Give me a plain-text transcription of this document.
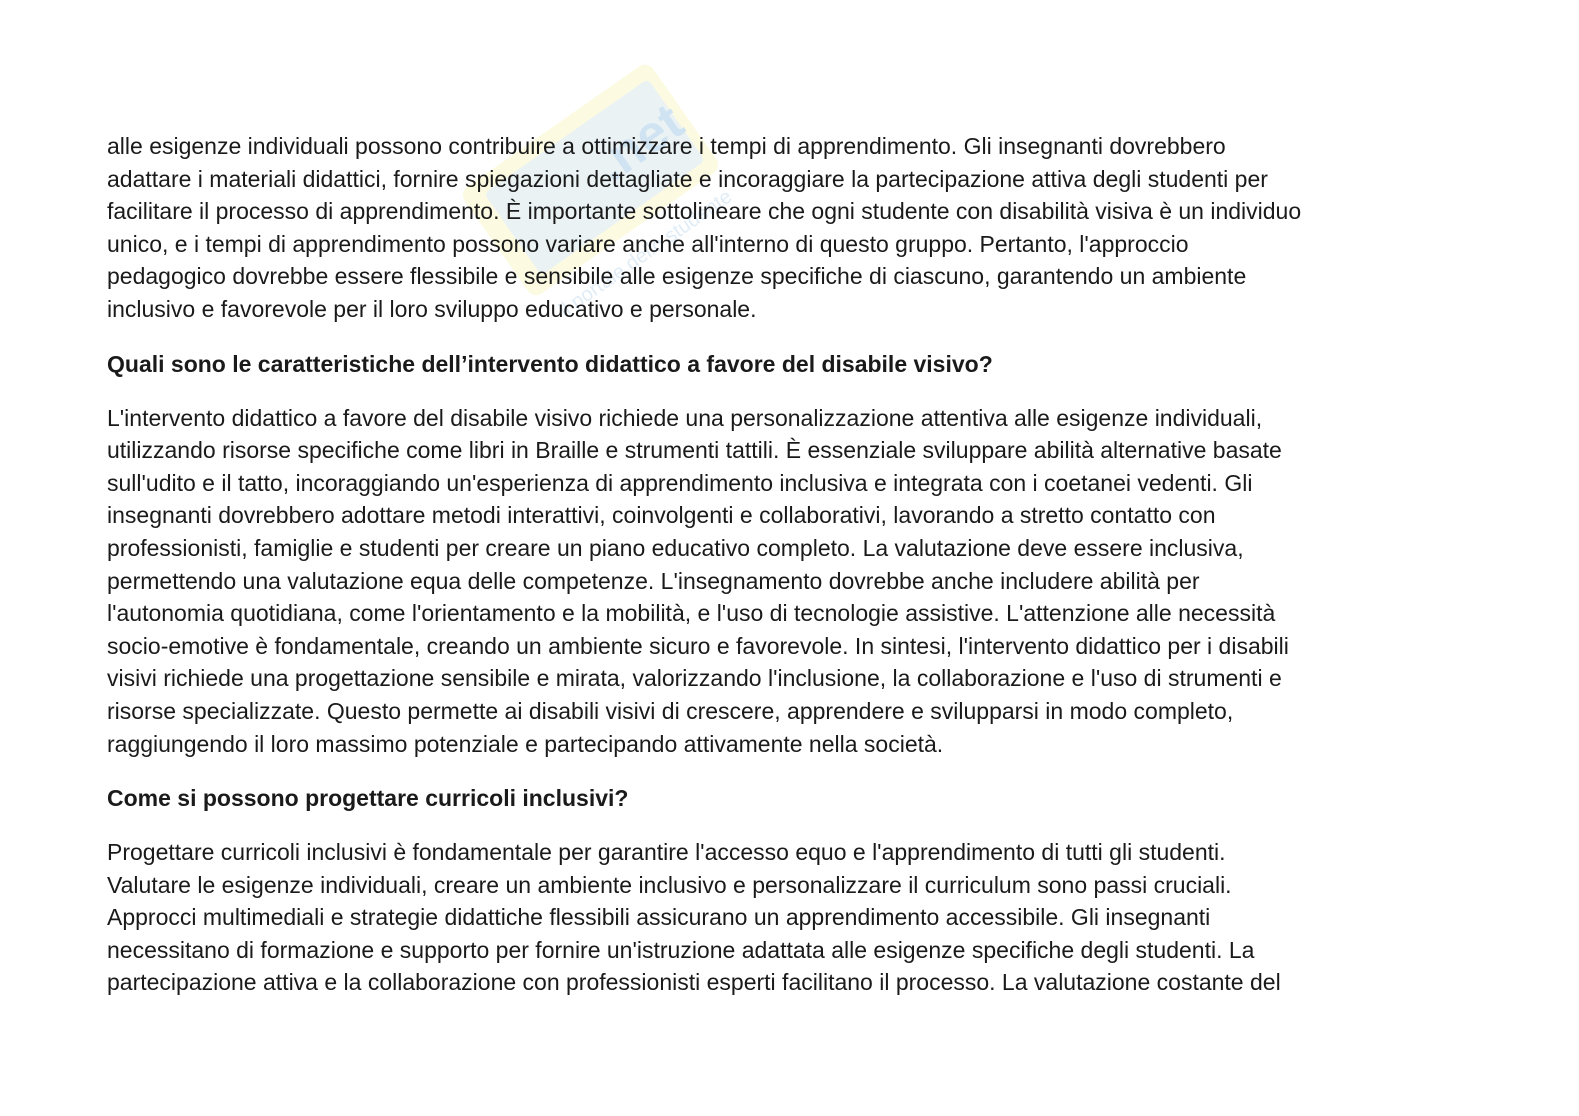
.net
il portale dello studente

alle esigenze individuali possono contribuire a ottimizzare i tempi di apprendimento. Gli insegnanti dovrebbero
adattare i materiali didattici, fornire spiegazioni dettagliate e incoraggiare la partecipazione attiva degli studenti per
facilitare il processo di apprendimento. È importante sottolineare che ogni studente con disabilità visiva è un individuo
unico, e i tempi di apprendimento possono variare anche all'interno di questo gruppo. Pertanto, l'approccio
pedagogico dovrebbe essere flessibile e sensibile alle esigenze specifiche di ciascuno, garantendo un ambiente
inclusivo e favorevole per il loro sviluppo educativo e personale.

Quali sono le caratteristiche dell’intervento didattico a favore del disabile visivo?

L'intervento didattico a favore del disabile visivo richiede una personalizzazione attentiva alle esigenze individuali,
utilizzando risorse specifiche come libri in Braille e strumenti tattili. È essenziale sviluppare abilità alternative basate
sull'udito e il tatto, incoraggiando un'esperienza di apprendimento inclusiva e integrata con i coetanei vedenti. Gli
insegnanti dovrebbero adottare metodi interattivi, coinvolgenti e collaborativi, lavorando a stretto contatto con
professionisti, famiglie e studenti per creare un piano educativo completo. La valutazione deve essere inclusiva,
permettendo una valutazione equa delle competenze. L'insegnamento dovrebbe anche includere abilità per
l'autonomia quotidiana, come l'orientamento e la mobilità, e l'uso di tecnologie assistive. L'attenzione alle necessità
socio-emotive è fondamentale, creando un ambiente sicuro e favorevole. In sintesi, l'intervento didattico per i disabili
visivi richiede una progettazione sensibile e mirata, valorizzando l'inclusione, la collaborazione e l'uso di strumenti e
risorse specializzate. Questo permette ai disabili visivi di crescere, apprendere e svilupparsi in modo completo,
raggiungendo il loro massimo potenziale e partecipando attivamente nella società.

Come si possono progettare curricoli inclusivi?

Progettare curricoli inclusivi è fondamentale per garantire l'accesso equo e l'apprendimento di tutti gli studenti.
Valutare le esigenze individuali, creare un ambiente inclusivo e personalizzare il curriculum sono passi cruciali.
Approcci multimediali e strategie didattiche flessibili assicurano un apprendimento accessibile. Gli insegnanti
necessitano di formazione e supporto per fornire un'istruzione adattata alle esigenze specifiche degli studenti. La
partecipazione attiva e la collaborazione con professionisti esperti facilitano il processo. La valutazione costante del
